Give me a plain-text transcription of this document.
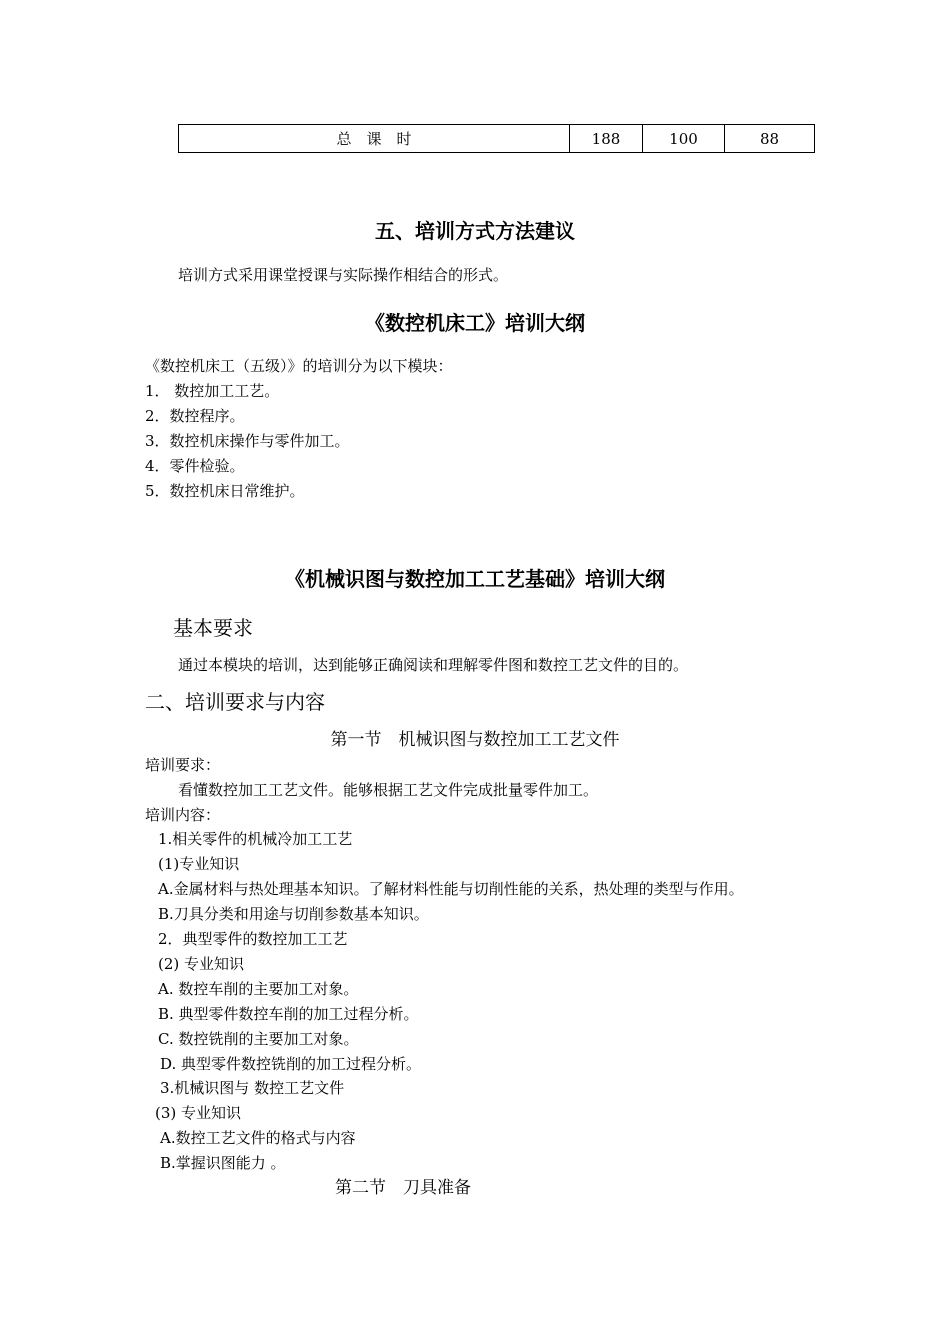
总　课　时	188	100	88
五、培训方式方法建议
培训方式采用课堂授课与实际操作相结合的形式。
《数控机床工》培训大纲
《数控机床工（五级）》的培训分为以下模块：
1． 数控加工工艺。
2．数控程序。
3．数控机床操作与零件加工。
4．零件检验。
5．数控机床日常维护。
《机械识图与数控加工工艺基础》培训大纲
基本要求
通过本模块的培训，达到能够正确阅读和理解零件图和数控工艺文件的目的。
二、培训要求与内容
第一节　机械识图与数控加工工艺文件
培训要求：
看懂数控加工工艺文件。能够根据工艺文件完成批量零件加工。
培训内容：
1.相关零件的机械冷加工工艺
(1)专业知识
A.金属材料与热处理基本知识。了解材料性能与切削性能的关系，热处理的类型与作用。
B.刀具分类和用途与切削参数基本知识。
2．典型零件的数控加工工艺
(2) 专业知识
A. 数控车削的主要加工对象。
B. 典型零件数控车削的加工过程分析。
C. 数控铣削的主要加工对象。
D. 典型零件数控铣削的加工过程分析。
3.机械识图与 数控工艺文件
(3) 专业知识
A.数控工艺文件的格式与内容
B.掌握识图能力 。
第二节　刀具准备
